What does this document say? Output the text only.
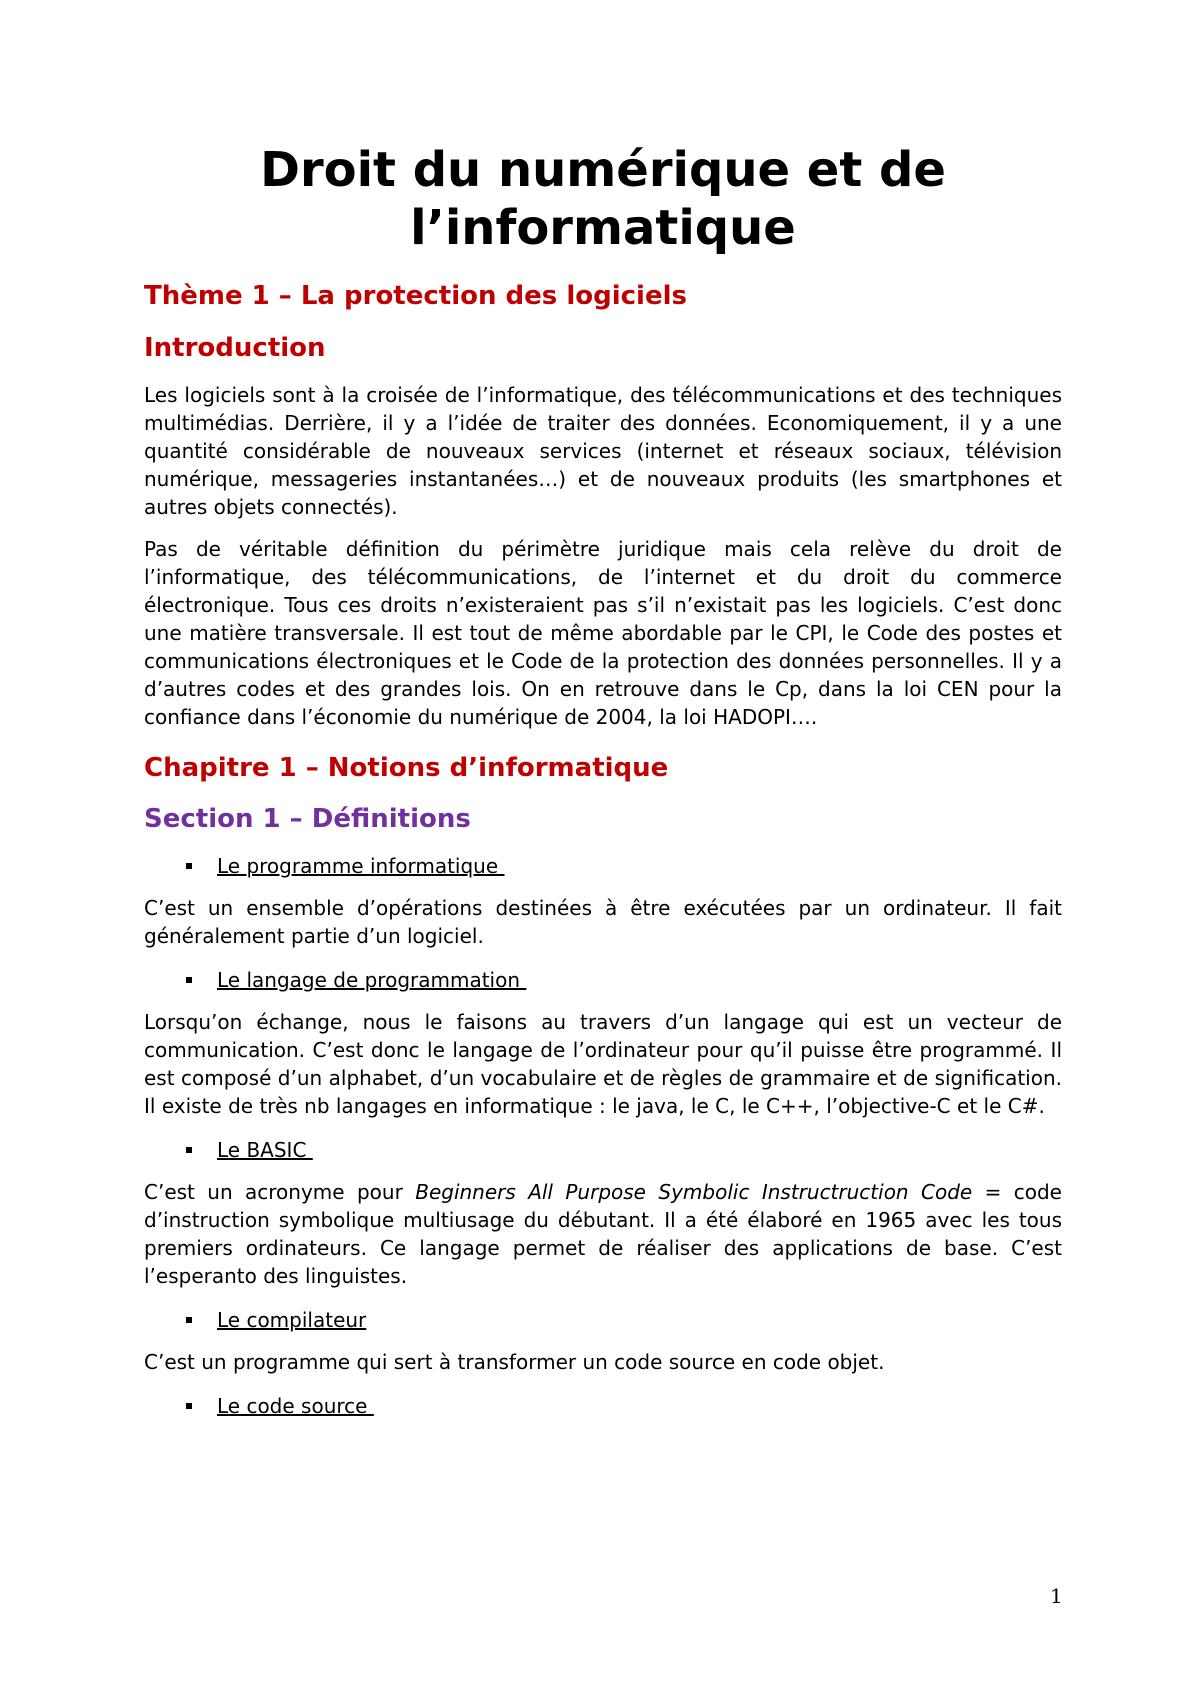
Droit du numérique et de l’informatique
Thème 1 – La protection des logiciels
Introduction

Les logiciels sont à la croisée de l’informatique, des télécommunications et des techniques multimédias. Derrière, il y a l’idée de traiter des données. Economiquement, il y a une quantité considérable de nouveaux services (internet et réseaux sociaux, télévision numérique, messageries instantanées…) et de nouveaux produits (les smartphones et autres objets connectés).

Pas de véritable définition du périmètre juridique mais cela relève du droit de l’informatique, des télécommunications, de l’internet et du droit du commerce électronique. Tous ces droits n’existeraient pas s’il n’existait pas les logiciels. C’est donc une matière transversale. Il est tout de même abordable par le CPI, le Code des postes et communications électroniques et le Code de la protection des données personnelles. Il y a d’autres codes et des grandes lois. On en retrouve dans le Cp, dans la loi CEN pour la confiance dans l’économie du numérique de 2004, la loi HADOPI….

Chapitre 1 – Notions d’informatique
Section 1 – Définitions
Le programme informatique

C’est un ensemble d’opérations destinées à être exécutées par un ordinateur. Il fait généralement partie d’un logiciel.

Le langage de programmation

Lorsqu’on échange, nous le faisons au travers d’un langage qui est un vecteur de communication. C’est donc le langage de l’ordinateur pour qu’il puisse être programmé. Il est composé d’un alphabet, d’un vocabulaire et de règles de grammaire et de signification. Il existe de très nb langages en informatique : le java, le C, le C++, l’objective-C et le C#.

Le BASIC

C’est un acronyme pour Beginners All Purpose Symbolic Instructruction Code = code d’instruction symbolique multiusage du débutant. Il a été élaboré en 1965 avec les tous premiers ordinateurs. Ce langage permet de réaliser des applications de base. C’est l’esperanto des linguistes.

Le compilateur

C’est un programme qui sert à transformer un code source en code objet.

Le code source
1
